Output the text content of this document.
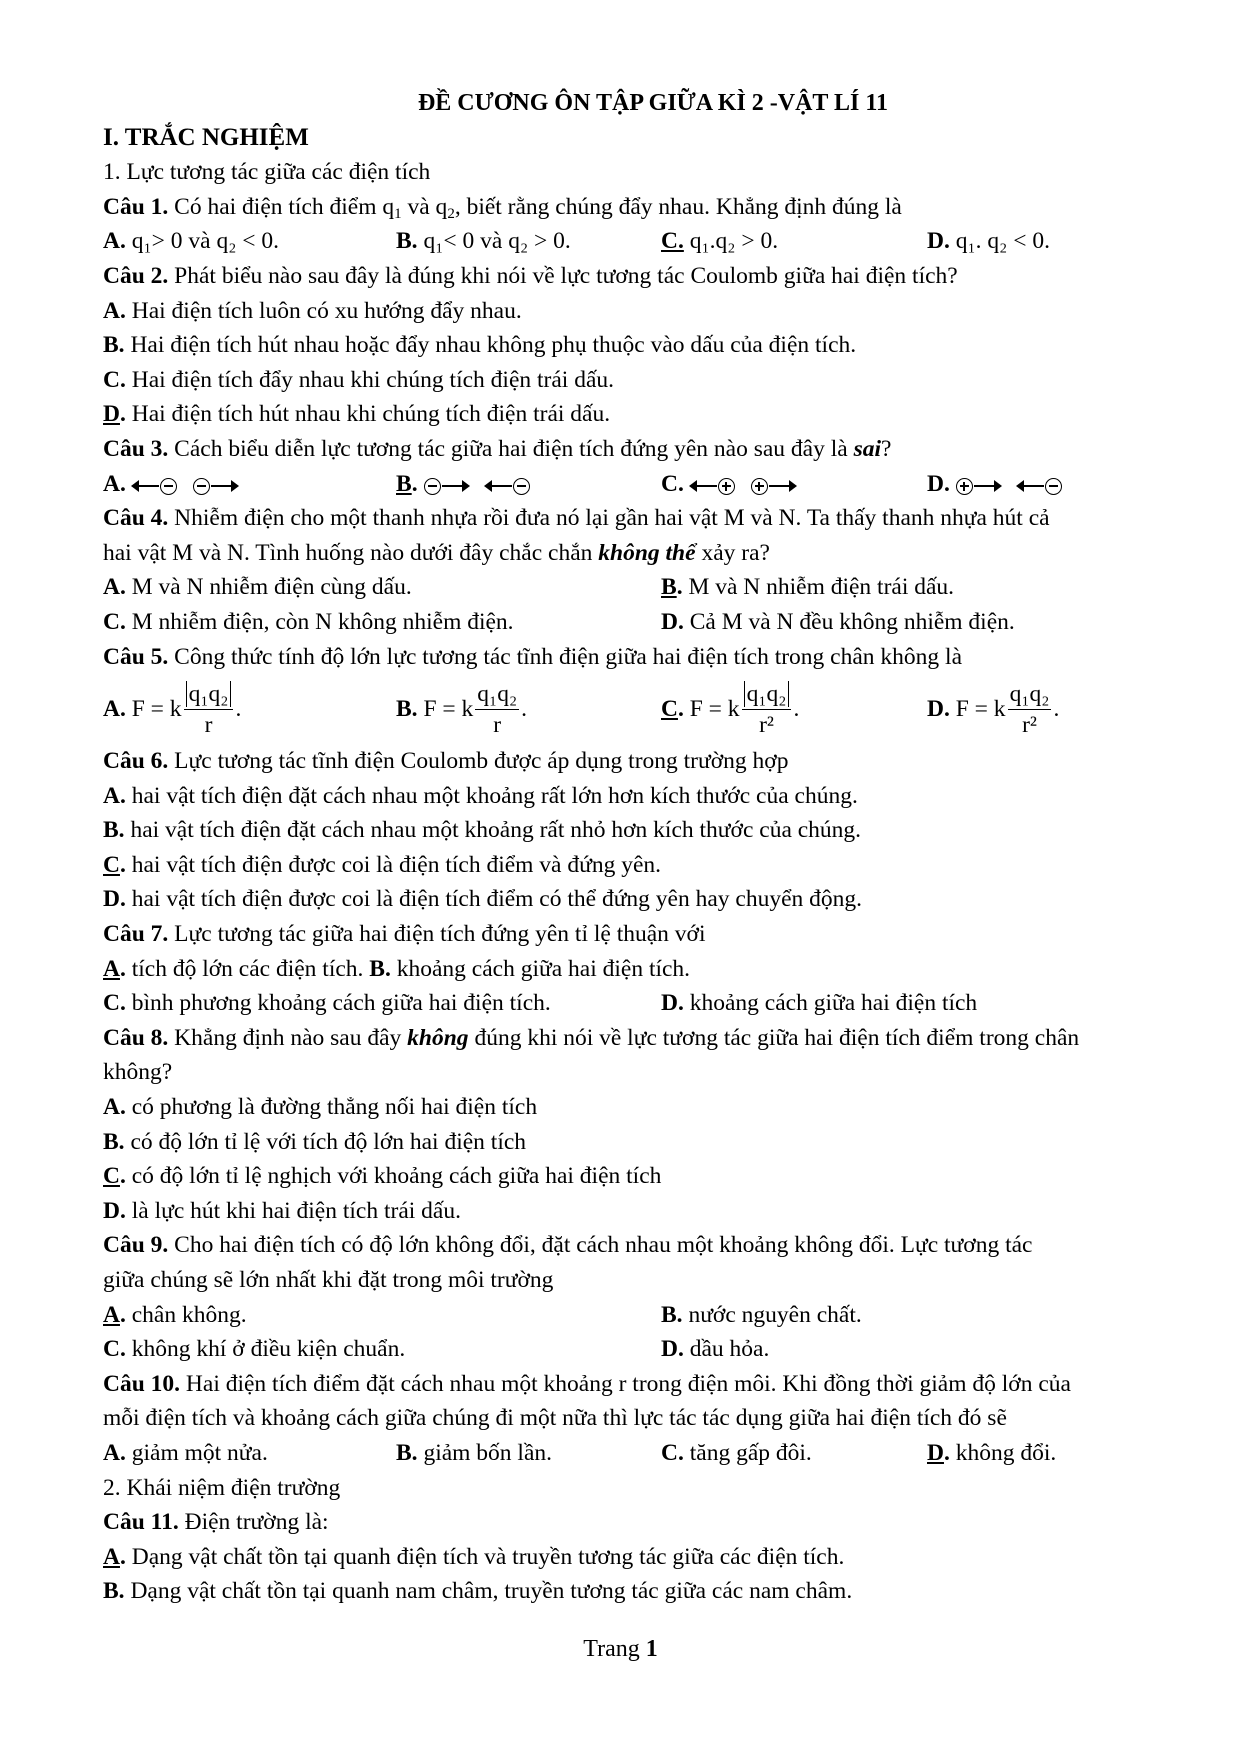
ĐỀ CƯƠNG ÔN TẬP GIỮA KÌ 2 -VẬT LÍ 11
I. TRẮC NGHIỆM
1. Lực tương tác giữa các điện tích
Câu 1. Có hai điện tích điểm $q_1$ và $q_2$, biết rằng chúng đẩy nhau. Khẳng định đúng là
A. q₁> 0 và q₂ < 0.	B. q₁< 0 và q₂ > 0.	C. q₁.q₂ > 0.	D. q₁. q₂ < 0.
Câu 2. Phát biểu nào sau đây là đúng khi nói về lực tương tác Coulomb giữa hai điện tích?
A. Hai điện tích luôn có xu hướng đẩy nhau.
B. Hai điện tích hút nhau hoặc đẩy nhau không phụ thuộc vào dấu của điện tích.
C. Hai điện tích đẩy nhau khi chúng tích điện trái dấu.
D. Hai điện tích hút nhau khi chúng tích điện trái dấu.
Câu 3. Cách biểu diễn lực tương tác giữa hai điện tích đứng yên nào sau đây là sai?
A.	B.	C.	D.
Câu 4. Nhiễm điện cho một thanh nhựa rồi đưa nó lại gần hai vật M và N. Ta thấy thanh nhựa hút cả
hai vật M và N. Tình huống nào dưới đây chắc chắn không thể xảy ra?
A. M và N nhiễm điện cùng dấu.	B. M và N nhiễm điện trái dấu.
C. M nhiễm điện, còn N không nhiễm điện.	D. Cả M và N đều không nhiễm điện.
Câu 5. Công thức tính độ lớn lực tương tác tĩnh điện giữa hai điện tích trong chân không là
A.
F = k $\frac{\text{q₁q₂}}{r}$ .	B.
F = k $\frac{\text{q₁q₂}}{r}$ .	C .
F = k $\frac{\text{q₁q₂}}{\text{r²}}$ .	D.
F = k $\frac{\text{q₁q₂}}{\text{r²}}$ .
Câu 6. Lực tương tác tĩnh điện Coulomb được áp dụng trong trường hợp
A. hai vật tích điện đặt cách nhau một khoảng rất lớn hơn kích thước của chúng.
B. hai vật tích điện đặt cách nhau một khoảng rất nhỏ hơn kích thước của chúng.
C. hai vật tích điện được coi là điện tích điểm và đứng yên.
D. hai vật tích điện được coi là điện tích điểm có thể đứng yên hay chuyển động.
Câu 7. Lực tương tác giữa hai điện tích đứng yên tỉ lệ thuận với
A. tích độ lớn các điện tích. B. khoảng cách giữa hai điện tích.
C. bình phương khoảng cách giữa hai điện tích.	D. khoảng cách giữa hai điện tích
Câu 8. Khẳng định nào sau đây không đúng khi nói về lực tương tác giữa hai điện tích điểm trong chân
không?
A. có phương là đường thẳng nối hai điện tích
B. có độ lớn tỉ lệ với tích độ lớn hai điện tích
C. có độ lớn tỉ lệ nghịch với khoảng cách giữa hai điện tích
D. là lực hút khi hai điện tích trái dấu.
Câu 9. Cho hai điện tích có độ lớn không đổi, đặt cách nhau một khoảng không đổi. Lực tương tác
giữa chúng sẽ lớn nhất khi đặt trong môi trường
A. chân không.	B. nước nguyên chất.
C. không khí ở điều kiện chuẩn.	D. dầu hỏa.
Câu 10. Hai điện tích điểm đặt cách nhau một khoảng r trong điện môi. Khi đồng thời giảm độ lớn của
mỗi điện tích và khoảng cách giữa chúng đi một nữa thì lực tác tác dụng giữa hai điện tích đó sẽ
A. giảm một nửa.	B. giảm bốn lần.	C. tăng gấp đôi.	D. không đổi.
2. Khái niệm điện trường
Câu 11. Điện trường là:
A. Dạng vật chất tồn tại quanh điện tích và truyền tương tác giữa các điện tích.
B. Dạng vật chất tồn tại quanh nam châm, truyền tương tác giữa các nam châm.
Trang 1
